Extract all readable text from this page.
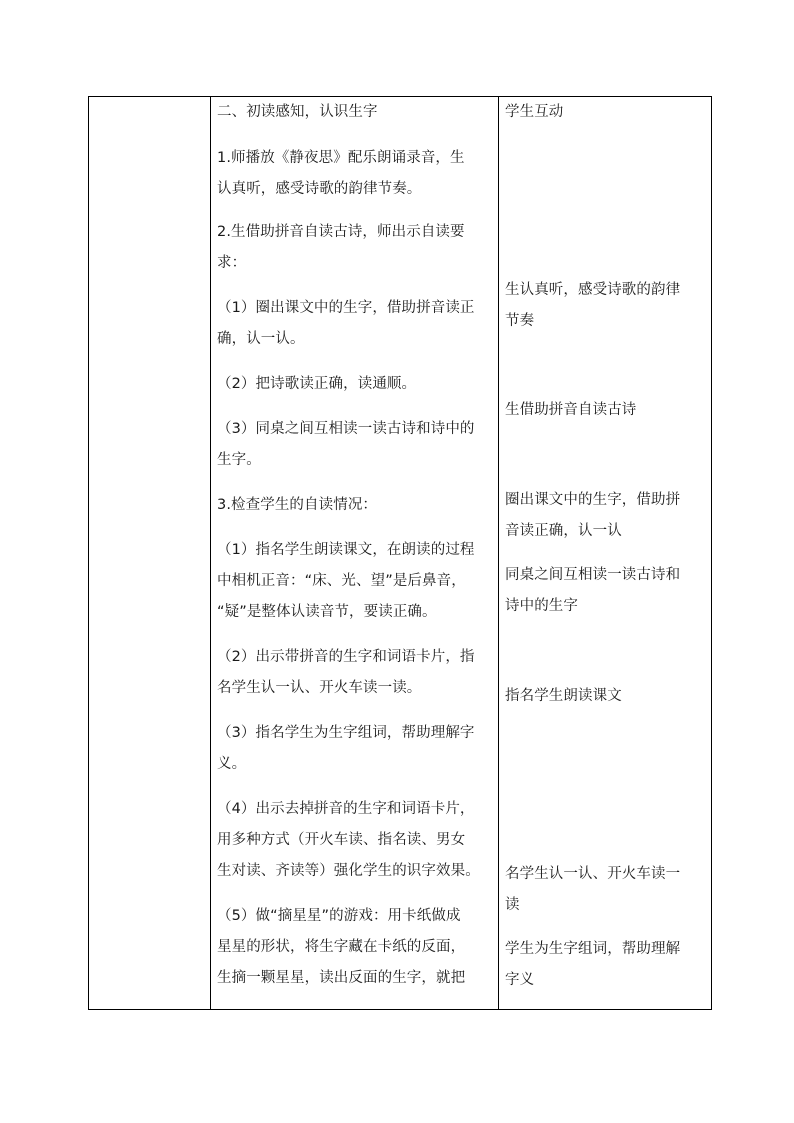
二、初读感知，认识生字

1.师播放《静夜思》配乐朗诵录音，生

认真听，感受诗歌的韵律节奏。

2.生借助拼音自读古诗，师出示自读要

求：

（1）圈出课文中的生字，借助拼音读正

确，认一认。

（2）把诗歌读正确，读通顺。

（3）同桌之间互相读一读古诗和诗中的

生字。

3.检查学生的自读情况：

（1）指名学生朗读课文，在朗读的过程

中相机正音：“床、光、望”是后鼻音，

“疑”是整体认读音节，要读正确。

（2）出示带拼音的生字和词语卡片，指

名学生认一认、开火车读一读。

（3）指名学生为生字组词，帮助理解字

义。

（4）出示去掉拼音的生字和词语卡片，

用多种方式（开火车读、指名读、男女

生对读、齐读等）强化学生的识字效果。

（5）做“摘星星”的游戏：用卡纸做成

星星的形状，将生字藏在卡纸的反面，

生摘一颗星星，读出反面的生字，就把

学生互动

生认真听，感受诗歌的韵律

节奏

生借助拼音自读古诗

圈出课文中的生字，借助拼

音读正确，认一认

同桌之间互相读一读古诗和

诗中的生字

指名学生朗读课文

名学生认一认、开火车读一

读

学生为生字组词，帮助理解

字义
